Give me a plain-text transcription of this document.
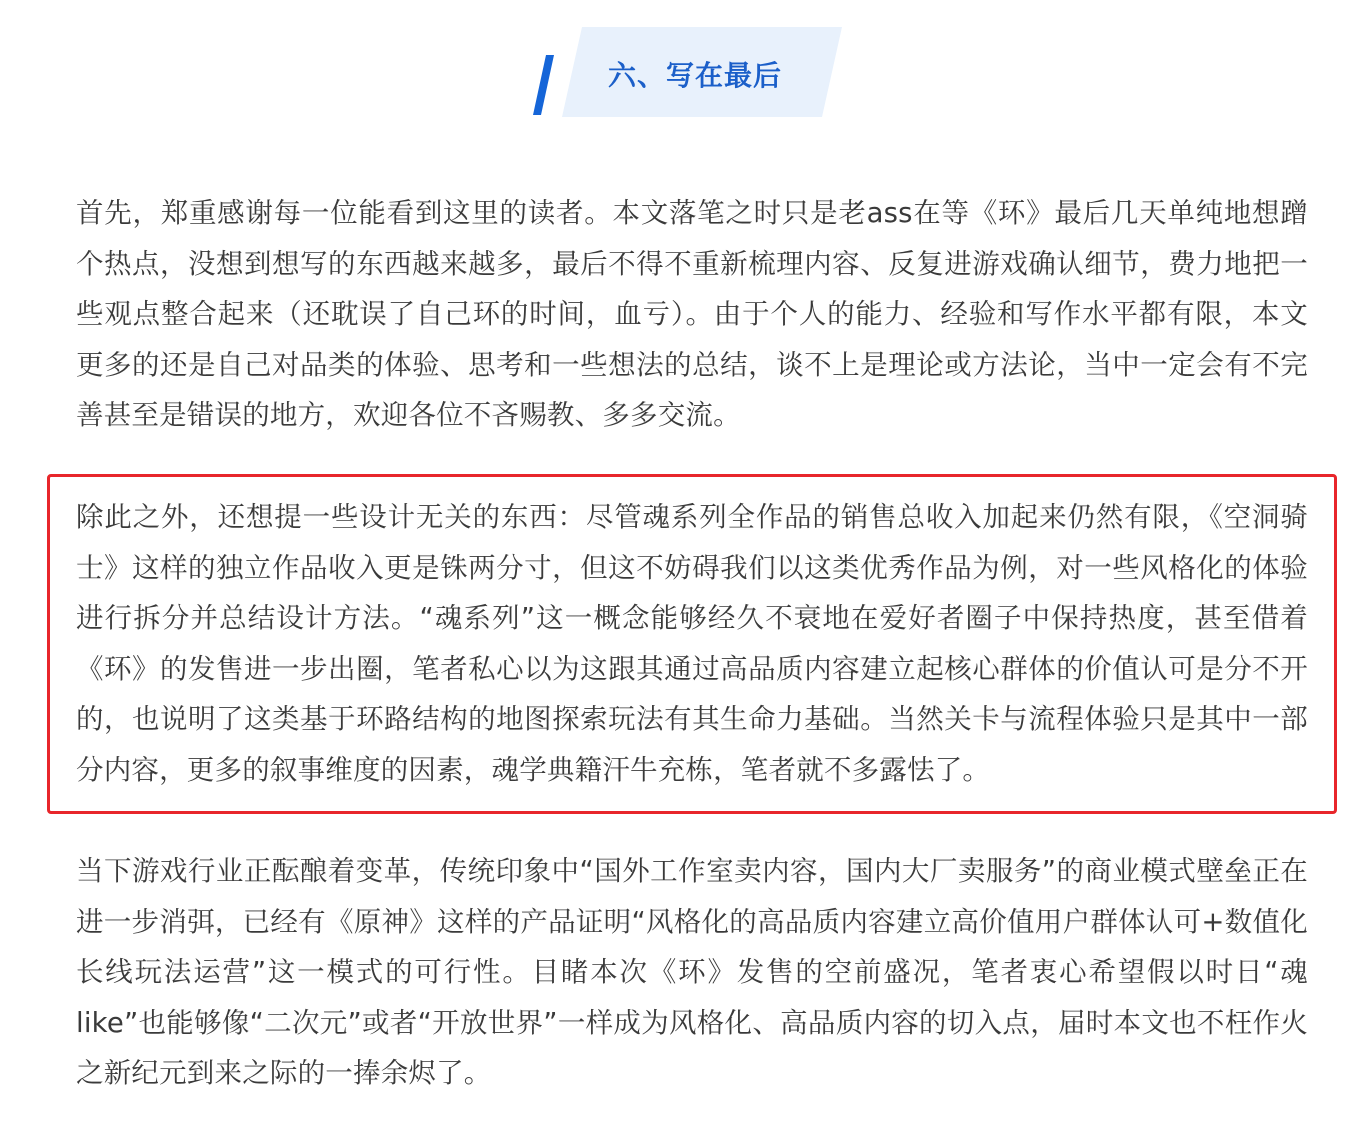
六、写在最后

首先，郑重感谢每一位能看到这里的读者。本文落笔之时只是老ass在等《环》最后几天单纯地想蹭个热点，没想到想写的东西越来越多，最后不得不重新梳理内容、反复进游戏确认细节，费力地把一些观点整合起来（还耽误了自己环的时间，血亏）。由于个人的能力、经验和写作水平都有限，本文更多的还是自己对品类的体验、思考和一些想法的总结，谈不上是理论或方法论，当中一定会有不完善甚至是错误的地方，欢迎各位不吝赐教、多多交流。

除此之外，还想提一些设计无关的东西：尽管魂系列全作品的销售总收入加起来仍然有限，《空洞骑士》这样的独立作品收入更是铢两分寸，但这不妨碍我们以这类优秀作品为例，对一些风格化的体验进行拆分并总结设计方法。“魂系列”这一概念能够经久不衰地在爱好者圈子中保持热度，甚至借着《环》的发售进一步出圈，笔者私心以为这跟其通过高品质内容建立起核心群体的价值认可是分不开的，也说明了这类基于环路结构的地图探索玩法有其生命力基础。当然关卡与流程体验只是其中一部分内容，更多的叙事维度的因素，魂学典籍汗牛充栋，笔者就不多露怯了。

当下游戏行业正酝酿着变革，传统印象中“国外工作室卖内容，国内大厂卖服务”的商业模式壁垒正在进一步消弭，已经有《原神》这样的产品证明“风格化的高品质内容建立高价值用户群体认可+数值化长线玩法运营”这一模式的可行性。目睹本次《环》发售的空前盛况，笔者衷心希望假以时日“魂like”也能够像“二次元”或者“开放世界”一样成为风格化、高品质内容的切入点，届时本文也不枉作火之新纪元到来之际的一捧余烬了。
